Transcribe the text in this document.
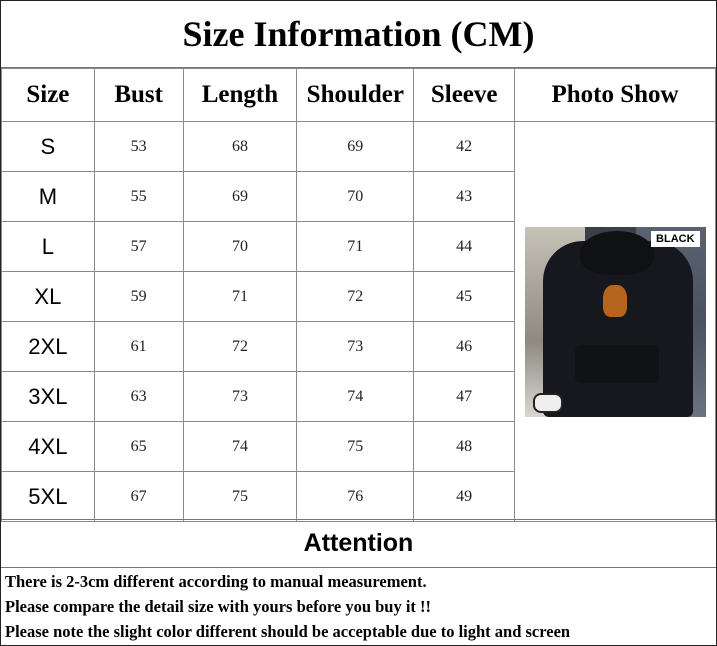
Size Information (CM)
Size	Bust	Length	Shoulder	Sleeve	Photo Show
S	53	68	69	42	BLACK

M	55	69	70	43	
L	57	70	71	44	
XL	59	71	72	45	
2XL	61	72	73	46	
3XL	63	73	74	47	
4XL	65	74	75	48	
5XL	67	75	76	49	
Attention
There is 2-3cm different according to manual measurement.
Please compare the detail size with yours before you buy it !!
Please note the slight color different should be acceptable due to light and screen
